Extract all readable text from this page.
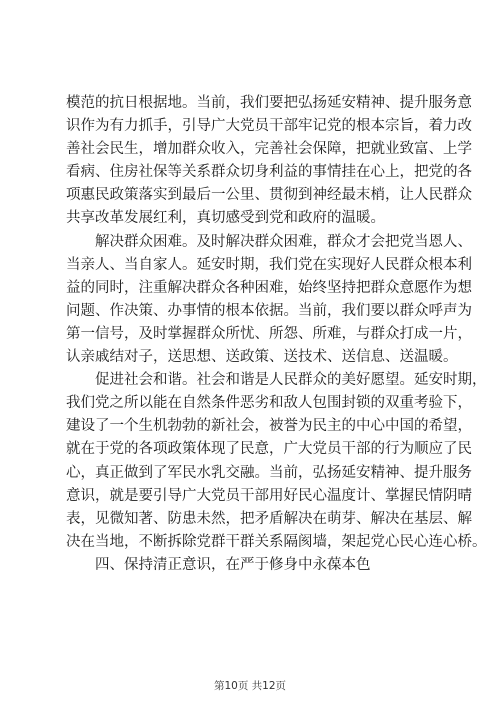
模范的抗日根据地。当前，我们要把弘扬延安精神、提升服务意
识作为有力抓手，引导广大党员干部牢记党的根本宗旨，着力改
善社会民生，增加群众收入，完善社会保障，把就业致富、上学
看病、住房社保等关系群众切身利益的事情挂在心上，把党的各
项惠民政策落实到最后一公里、贯彻到神经最末梢，让人民群众
共享改革发展红利，真切感受到党和政府的温暖。
解决群众困难。及时解决群众困难，群众才会把党当恩人、
当亲人、当自家人。延安时期，我们党在实现好人民群众根本利
益的同时，注重解决群众各种困难，始终坚持把群众意愿作为想
问题、作决策、办事情的根本依据。当前，我们要以群众呼声为
第一信号，及时掌握群众所忧、所怨、所难，与群众打成一片，
认亲戚结对子，送思想、送政策、送技术、送信息、送温暖。
促进社会和谐。社会和谐是人民群众的美好愿望。延安时期，
我们党之所以能在自然条件恶劣和敌人包围封锁的双重考验下，
建设了一个生机勃勃的新社会，被誉为民主的中心中国的希望，
就在于党的各项政策体现了民意，广大党员干部的行为顺应了民
心，真正做到了军民水乳交融。当前，弘扬延安精神、提升服务
意识，就是要引导广大党员干部用好民心温度计、掌握民情阴晴
表，见微知著、防患未然，把矛盾解决在萌芽、解决在基层、解
决在当地，不断拆除党群干群关系隔阂墙，架起党心民心连心桥。
四、保持清正意识，在严于修身中永葆本色
第10页 共12页
